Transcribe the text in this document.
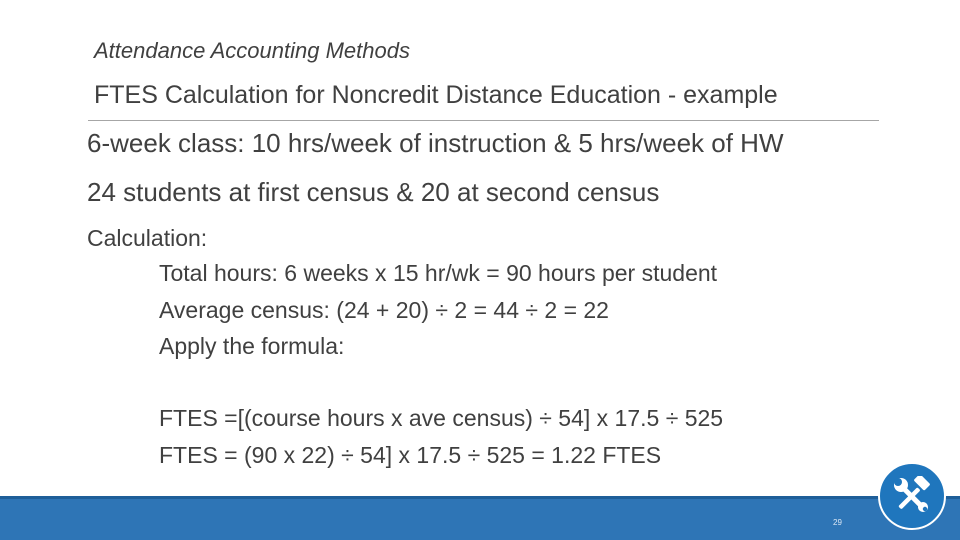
Attendance Accounting Methods
FTES Calculation for Noncredit Distance Education - example
6-week class: 10 hrs/week of instruction & 5 hrs/week of HW
24 students at first census & 20 at second census
Calculation:
Total hours: 6 weeks x 15 hr/wk = 90 hours per student
Average census: (24 + 20) ÷ 2 = 44 ÷ 2 = 22
Apply the formula:
FTES =[(course hours x ave census) ÷ 54] x 17.5 ÷ 525
FTES = (90 x 22) ÷ 54] x 17.5 ÷ 525 = 1.22 FTES
29
